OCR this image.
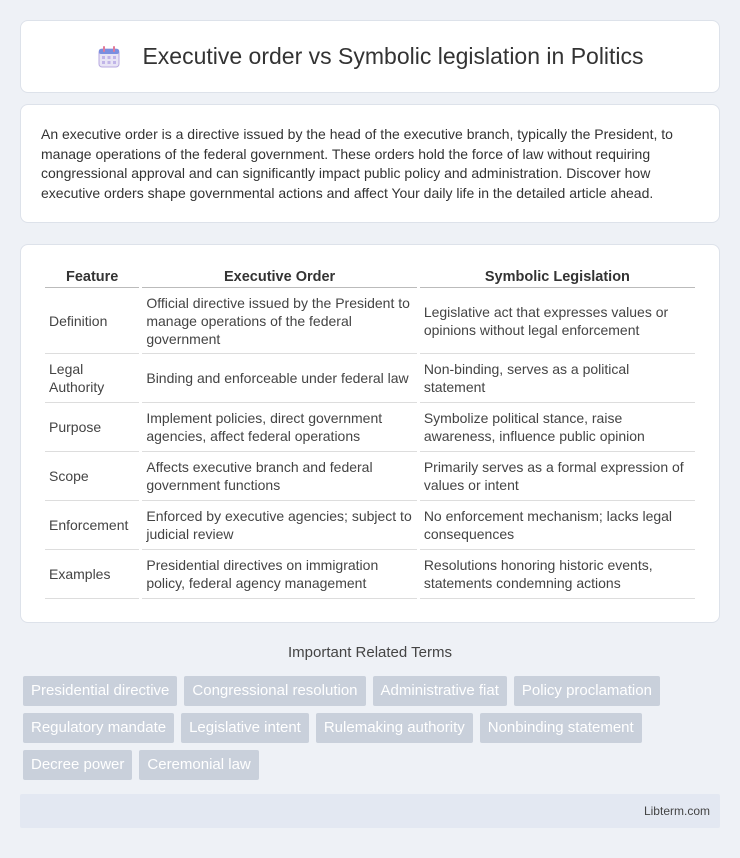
Executive order vs Symbolic legislation in Politics

An executive order is a directive issued by the head of the executive branch, typically the President, to manage operations of the federal government. These orders hold the force of law without requiring congressional approval and can significantly impact public policy and administration. Discover how executive orders shape governmental actions and affect Your daily life in the detailed article ahead.

Feature	Executive Order	Symbolic Legislation
Definition	Official directive issued by the President to manage operations of the federal government	Legislative act that expresses values or opinions without legal enforcement
Legal Authority	Binding and enforceable under federal law	Non-binding, serves as a political statement
Purpose	Implement policies, direct government agencies, affect federal operations	Symbolize political stance, raise awareness, influence public opinion
Scope	Affects executive branch and federal government functions	Primarily serves as a formal expression of values or intent
Enforcement	Enforced by executive agencies; subject to judicial review	No enforcement mechanism; lacks legal consequences
Examples	Presidential directives on immigration policy, federal agency management	Resolutions honoring historic events, statements condemning actions
Important Related Terms
Presidential directive	Congressional resolution	Administrative fiat	Policy proclamation
Regulatory mandate	Legislative intent	Rulemaking authority	Nonbinding statement
Decree power	Ceremonial law
Libterm.com
